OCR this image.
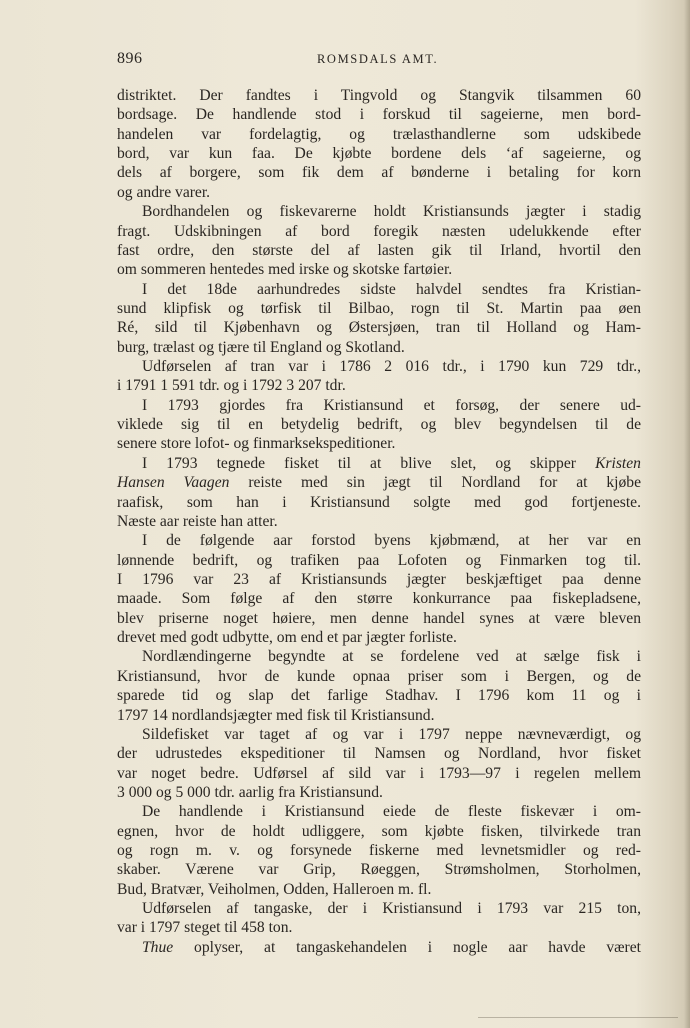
896	ROMSDALS AMT.
distriktet. Der fandtes i Tingvold og Stangvik tilsammen 60
bordsage. De handlende stod i forskud til sageierne, men bord-
handelen var fordelagtig, og trælasthandlerne som udskibede
bord, var kun faa. De kjøbte bordene dels ‘af sageierne, og
dels af borgere, som fik dem af bønderne i betaling for korn
og andre varer.
Bordhandelen og fiskevarerne holdt Kristiansunds jægter i stadig
fragt. Udskibningen af bord foregik næsten udelukkende efter
fast ordre, den største del af lasten gik til Irland, hvortil den
om sommeren hentedes med irske og skotske fartøier.
I det 18de aarhundredes sidste halvdel sendtes fra Kristian-
sund klipfisk og tørfisk til Bilbao, rogn til St. Martin paa øen
Ré, sild til Kjøbenhavn og Østersjøen, tran til Holland og Ham-
burg, trælast og tjære til England og Skotland.
Udførselen af tran var i 1786 2 016 tdr., i 1790 kun 729 tdr.,
i 1791 1 591 tdr. og i 1792 3 207 tdr.
I 1793 gjordes fra Kristiansund et forsøg, der senere ud-
viklede sig til en betydelig bedrift, og blev begyndelsen til de
senere store lofot- og finmarksekspeditioner.
I 1793 tegnede fisket til at blive slet, og skipper Kristen
Hansen Vaagen reiste med sin jægt til Nordland for at kjøbe
raafisk, som han i Kristiansund solgte med god fortjeneste.
Næste aar reiste han atter.
I de følgende aar forstod byens kjøbmænd, at her var en
lønnende bedrift, og trafiken paa Lofoten og Finmarken tog til.
I 1796 var 23 af Kristiansunds jægter beskjæftiget paa denne
maade. Som følge af den større konkurrance paa fiskepladsene,
blev priserne noget høiere, men denne handel synes at være bleven
drevet med godt udbytte, om end et par jægter forliste.
Nordlændingerne begyndte at se fordelene ved at sælge fisk i
Kristiansund, hvor de kunde opnaa priser som i Bergen, og de
sparede tid og slap det farlige Stadhav. I 1796 kom 11 og i
1797 14 nordlandsjægter med fisk til Kristiansund.
Sildefisket var taget af og var i 1797 neppe nævneværdigt, og
der udrustedes ekspeditioner til Namsen og Nordland, hvor fisket
var noget bedre. Udførsel af sild var i 1793—97 i regelen mellem
3 000 og 5 000 tdr. aarlig fra Kristiansund.
De handlende i Kristiansund eiede de fleste fiskevær i om-
egnen, hvor de holdt udliggere, som kjøbte fisken, tilvirkede tran
og rogn m. v. og forsynede fiskerne med levnetsmidler og red-
skaber. Værene var Grip, Røeggen, Strømsholmen, Storholmen,
Bud, Bratvær, Veiholmen, Odden, Halleroen m. fl.
Udførselen af tangaske, der i Kristiansund i 1793 var 215 ton,
var i 1797 steget til 458 ton.
Thue oplyser, at tangaskehandelen i nogle aar havde været
